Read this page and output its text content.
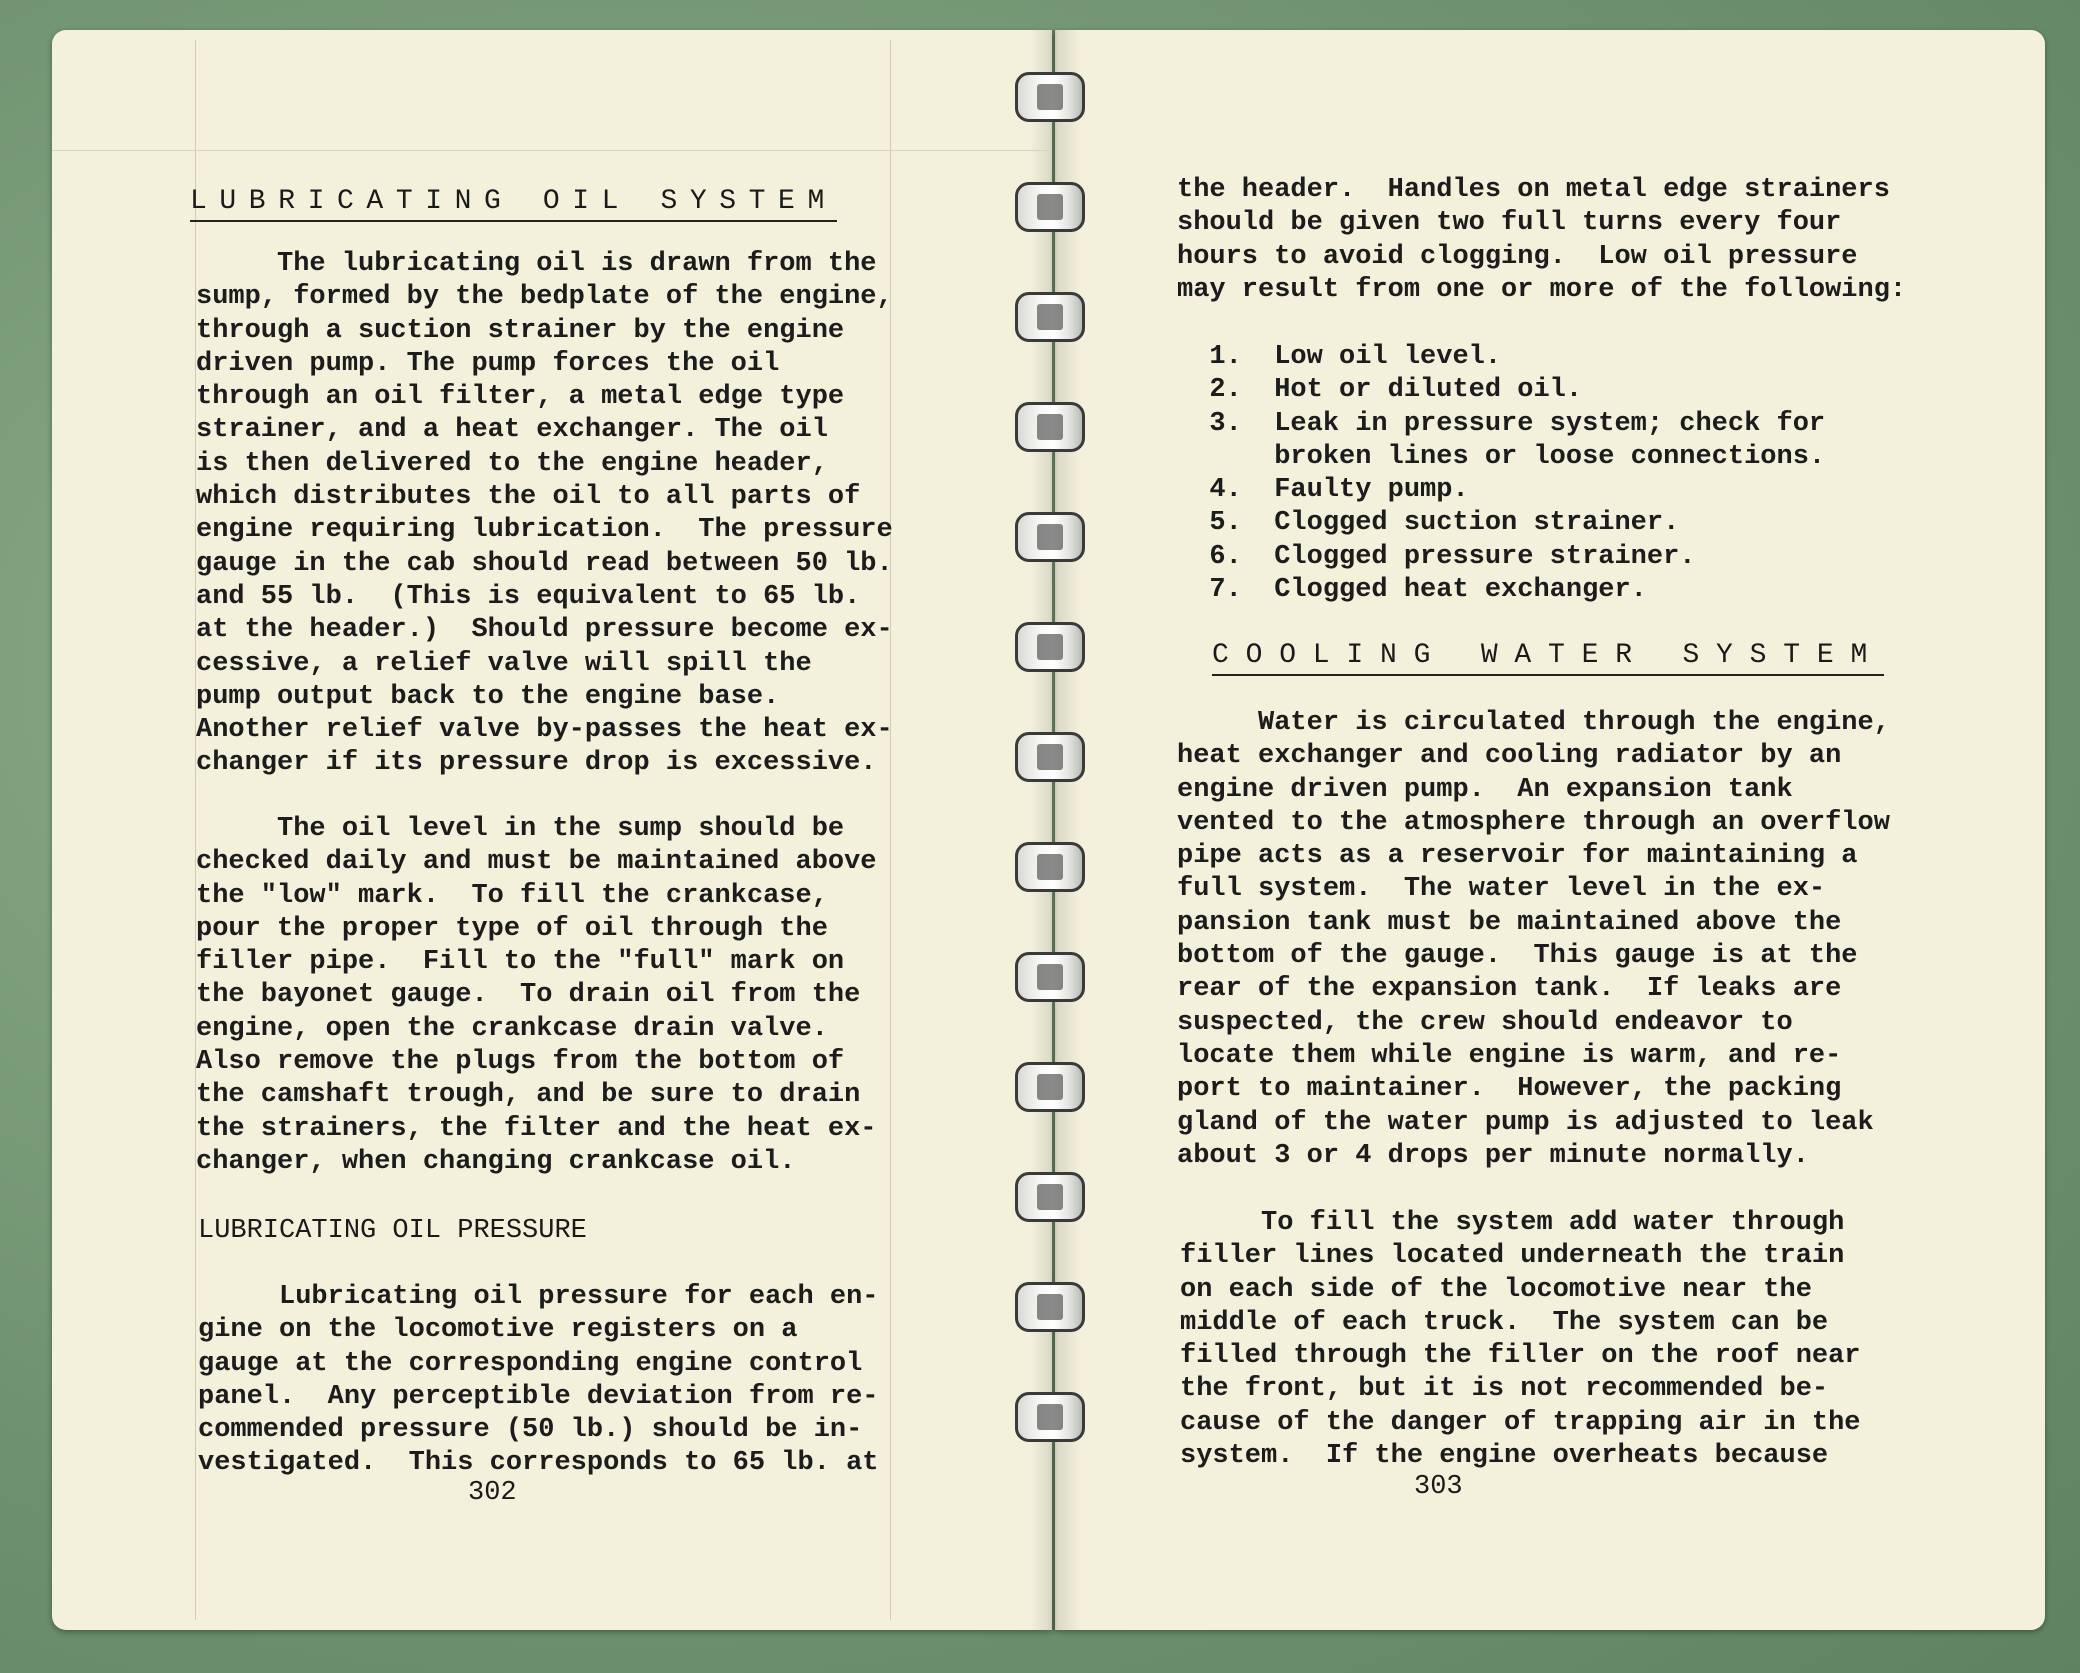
LUBRICATING OIL SYSTEM
The lubricating oil is drawn from the
sump, formed by the bedplate of the engine,
through a suction strainer by the engine
driven pump. The pump forces the oil
through an oil filter, a metal edge type
strainer, and a heat exchanger. The oil
is then delivered to the engine header,
which distributes the oil to all parts of
engine requiring lubrication.  The pressure
gauge in the cab should read between 50 lb.
and 55 lb.  (This is equivalent to 65 lb.
at the header.)  Should pressure become ex-
cessive, a relief valve will spill the
pump output back to the engine base.
Another relief valve by-passes the heat ex-
changer if its pressure drop is excessive.
The oil level in the sump should be
checked daily and must be maintained above
the "low" mark.  To fill the crankcase,
pour the proper type of oil through the
filler pipe.  Fill to the "full" mark on
the bayonet gauge.  To drain oil from the
engine, open the crankcase drain valve.
Also remove the plugs from the bottom of
the camshaft trough, and be sure to drain
the strainers, the filter and the heat ex-
changer, when changing crankcase oil.
LUBRICATING OIL PRESSURE
Lubricating oil pressure for each en-
gine on the locomotive registers on a
gauge at the corresponding engine control
panel.  Any perceptible deviation from re-
commended pressure (50 lb.) should be in-
vestigated.  This corresponds to 65 lb. at
302
the header.  Handles on metal edge strainers
should be given two full turns every four
hours to avoid clogging.  Low oil pressure
may result from one or more of the following:
1.  Low oil level.
2.  Hot or diluted oil.
3.  Leak in pressure system; check for
broken lines or loose connections.
4.  Faulty pump.
5.  Clogged suction strainer.
6.  Clogged pressure strainer.
7.  Clogged heat exchanger.
COOLING WATER SYSTEM
Water is circulated through the engine,
heat exchanger and cooling radiator by an
engine driven pump.  An expansion tank
vented to the atmosphere through an overflow
pipe acts as a reservoir for maintaining a
full system.  The water level in the ex-
pansion tank must be maintained above the
bottom of the gauge.  This gauge is at the
rear of the expansion tank.  If leaks are
suspected, the crew should endeavor to
locate them while engine is warm, and re-
port to maintainer.  However, the packing
gland of the water pump is adjusted to leak
about 3 or 4 drops per minute normally.
To fill the system add water through
filler lines located underneath the train
on each side of the locomotive near the
middle of each truck.  The system can be
filled through the filler on the roof near
the front, but it is not recommended be-
cause of the danger of trapping air in the
system.  If the engine overheats because
303
